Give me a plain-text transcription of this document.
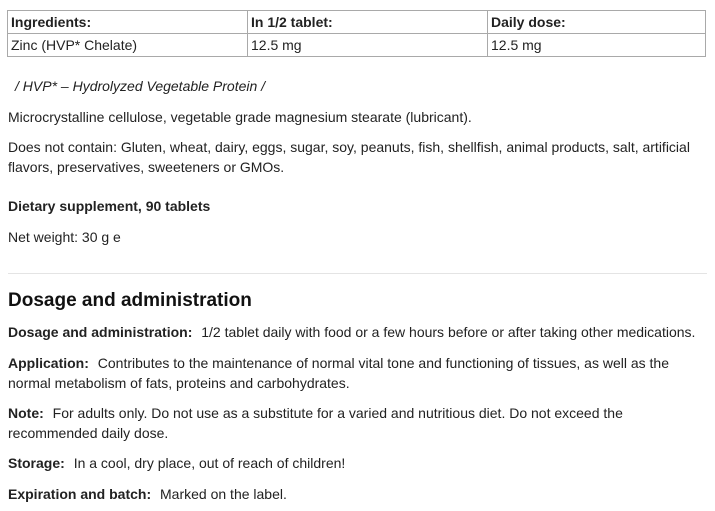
Ingredients:	In 1/2 tablet:	Daily dose:
Zinc (HVP* Chelate)	12.5 mg	12.5 mg

/ HVP* – Hydrolyzed Vegetable Protein /

Microcrystalline cellulose, vegetable grade magnesium stearate (lubricant).

Does not contain: Gluten, wheat, dairy, eggs, sugar, soy, peanuts, fish, shellfish, animal products, salt, artificial flavors, preservatives, sweeteners or GMOs.

Dietary supplement, 90 tablets

Net weight: 30 g e

Dosage and administration

Dosage and administration: 1/2 tablet daily with food or a few hours before or after taking other medications.

Application: Contributes to the maintenance of normal vital tone and functioning of tissues, as well as the normal metabolism of fats, proteins and carbohydrates.

Note: For adults only. Do not use as a substitute for a varied and nutritious diet. Do not exceed the recommended daily dose.

Storage: In a cool, dry place, out of reach of children!

Expiration and batch: Marked on the label.
